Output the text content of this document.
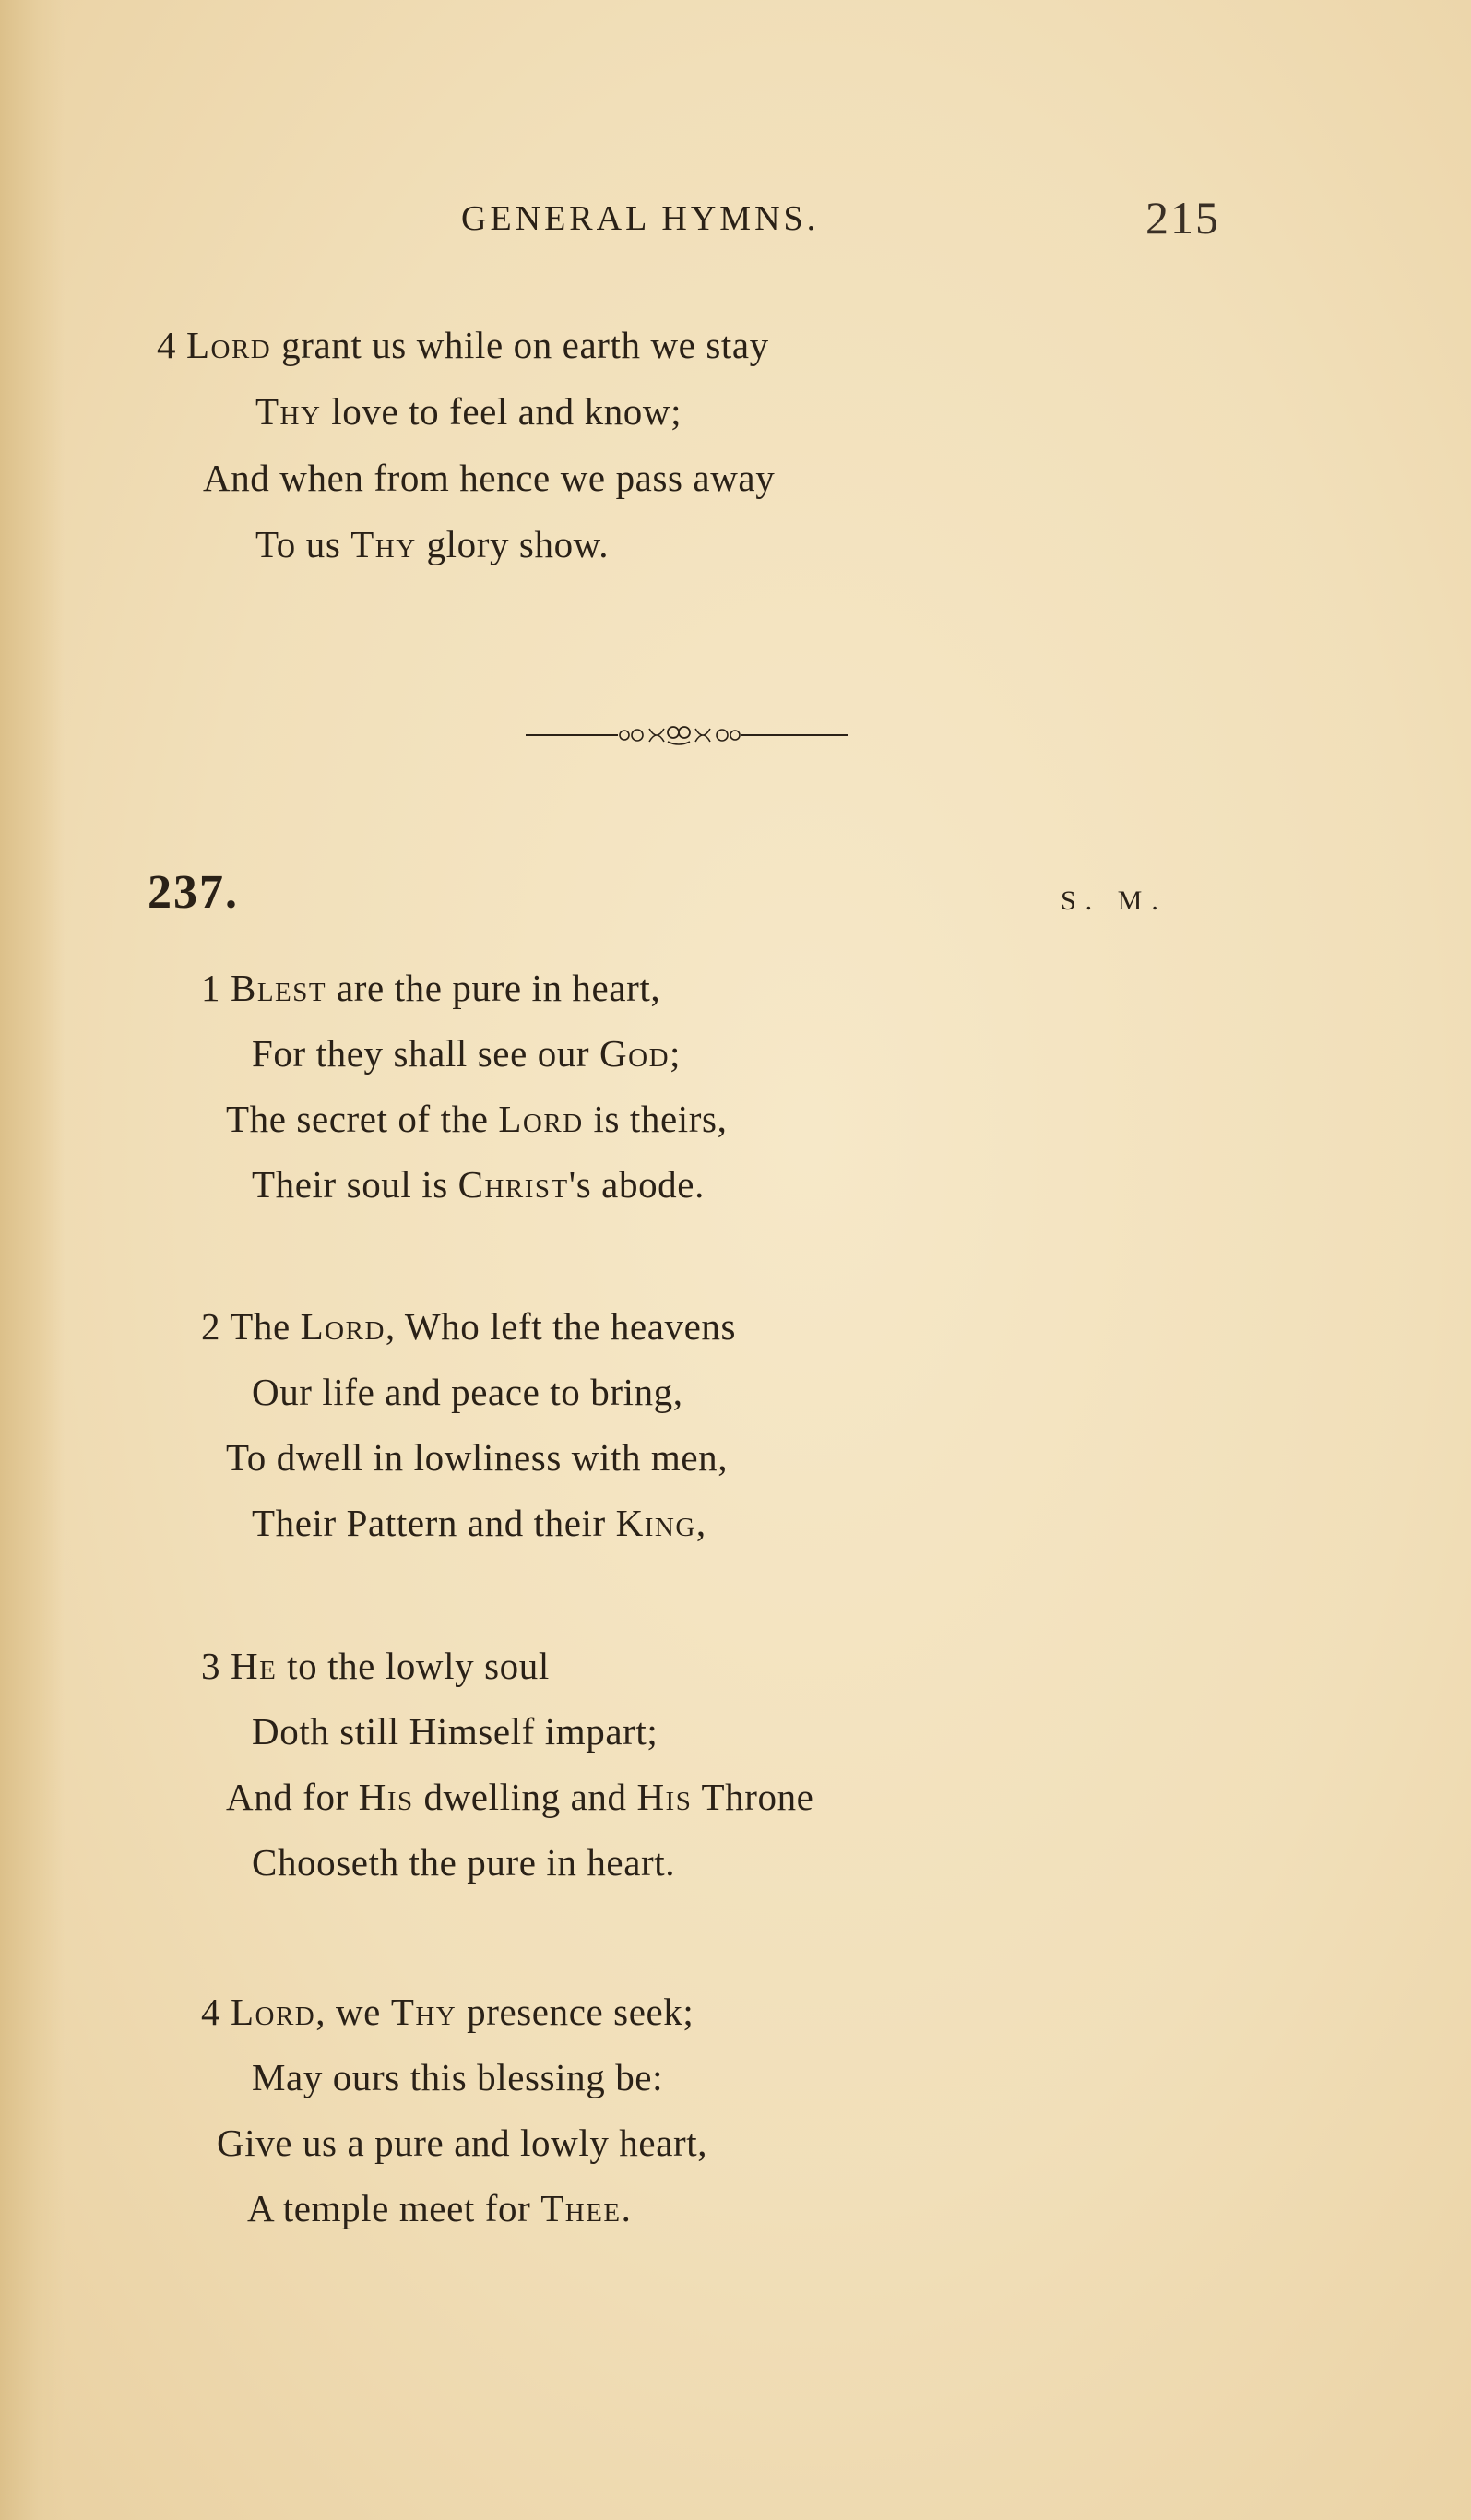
GENERAL HYMNS.	215
4 Lord grant us while on earth we stay
Thy love to feel and know;
And when from hence we pass away
To us Thy glory show.
237.	S. M.
1 Blest are the pure in heart,
For they shall see our God;
The secret of the Lord is theirs,
Their soul is Christ's abode.
2 The Lord, Who left the heavens
Our life and peace to bring,
To dwell in lowliness with men,
Their Pattern and their King,
3 He to the lowly soul
Doth still Himself impart;
And for His dwelling and His Throne
Chooseth the pure in heart.
4 Lord, we Thy presence seek;
May ours this blessing be:
Give us a pure and lowly heart,
A temple meet for Thee.
